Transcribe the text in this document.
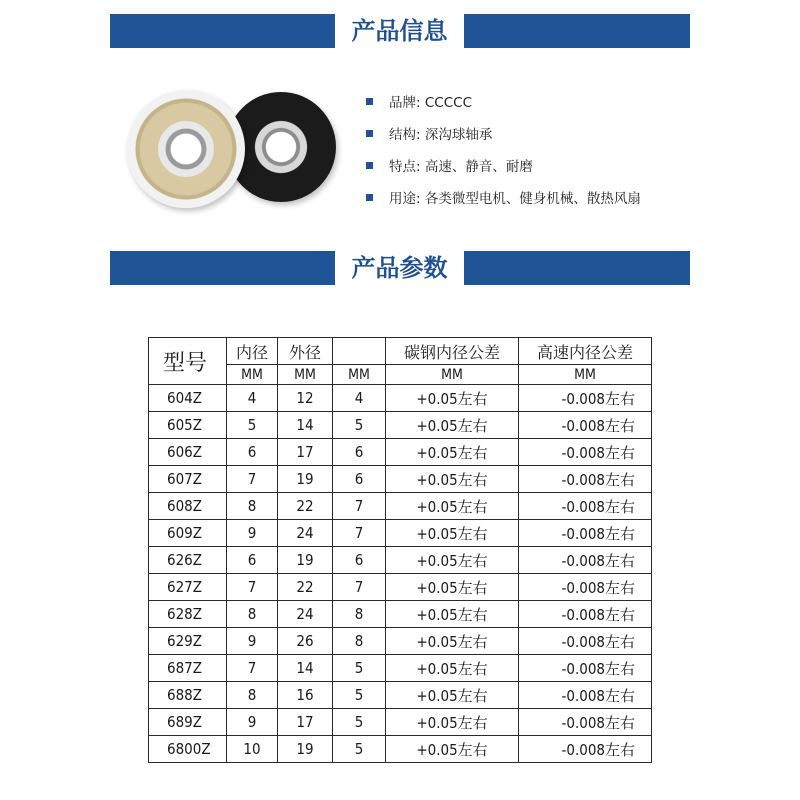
产品信息
品牌: CCCCC
结构: 深沟球轴承
特点: 高速、静音、耐磨
用途: 各类微型电机、健身机械、散热风扇
产品参数
型号	内径	外径		碳钢内径公差	高速内径公差
	MM	MM	MM	MM	MM
604Z	4	12	4	+0.05左右	-0.008左右
605Z	5	14	5	+0.05左右	-0.008左右
606Z	6	17	6	+0.05左右	-0.008左右
607Z	7	19	6	+0.05左右	-0.008左右
608Z	8	22	7	+0.05左右	-0.008左右
609Z	9	24	7	+0.05左右	-0.008左右
626Z	6	19	6	+0.05左右	-0.008左右
627Z	7	22	7	+0.05左右	-0.008左右
628Z	8	24	8	+0.05左右	-0.008左右
629Z	9	26	8	+0.05左右	-0.008左右
687Z	7	14	5	+0.05左右	-0.008左右
688Z	8	16	5	+0.05左右	-0.008左右
689Z	9	17	5	+0.05左右	-0.008左右
6800Z	10	19	5	+0.05左右	-0.008左右
